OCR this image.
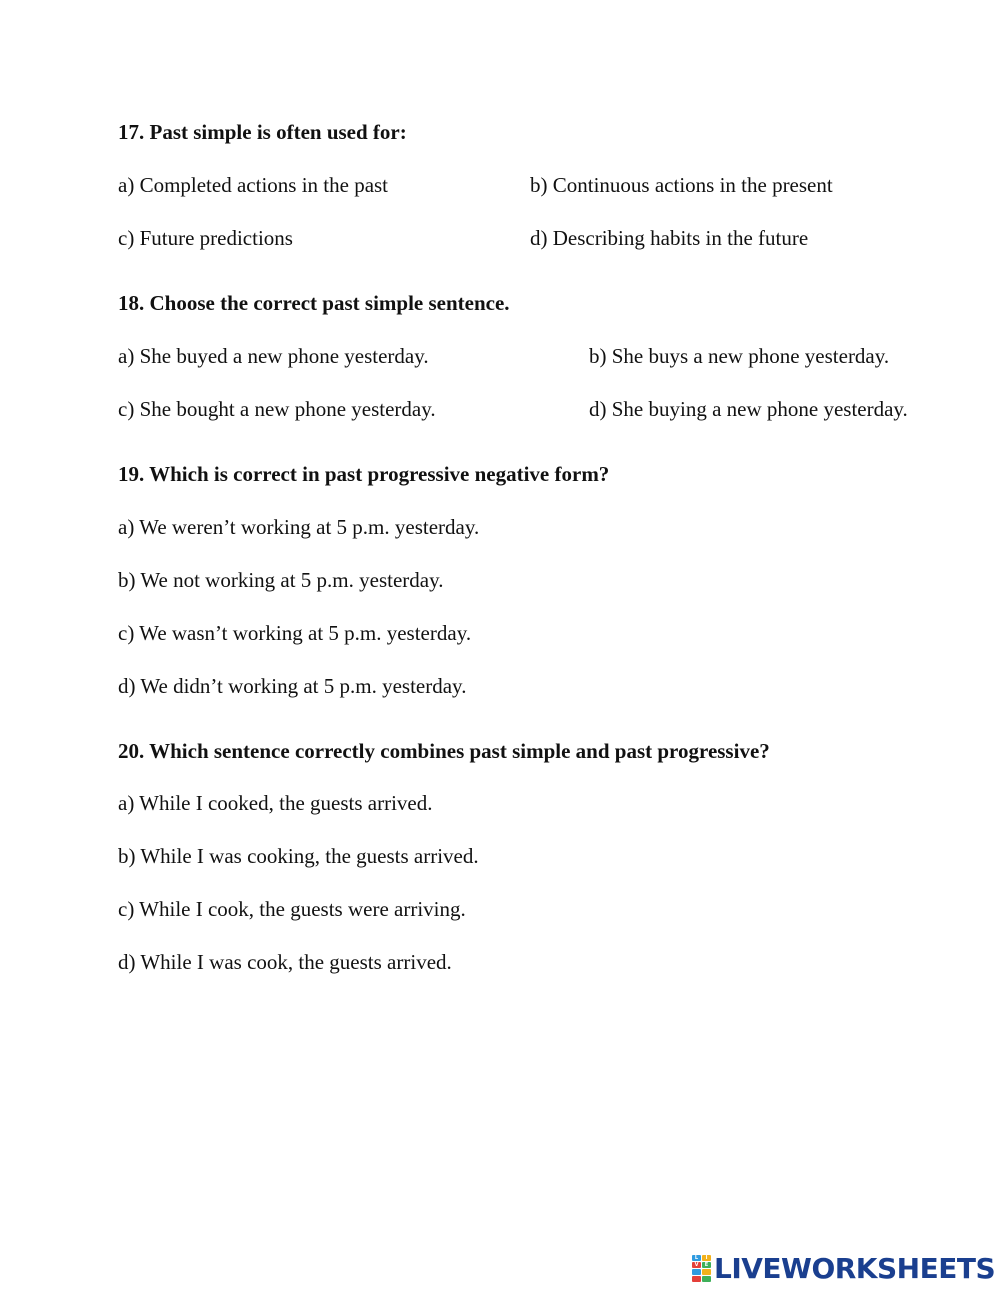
17. Past simple is often used for:
a) Completed actions in the past	b) Continuous actions in the present
c) Future predictions	d) Describing habits in the future
18. Choose the correct past simple sentence.
a) She buyed a new phone yesterday.	b) She buys a new phone yesterday.
c) She bought a new phone yesterday.	d) She buying a new phone yesterday.
19. Which is correct in past progressive negative form?
a) We weren’t working at 5 p.m. yesterday.
b) We not working at 5 p.m. yesterday.
c) We wasn’t working at 5 p.m. yesterday.
d) We didn’t working at 5 p.m. yesterday.
20. Which sentence correctly combines past simple and past progressive?
a) While I cooked, the guests arrived.
b) While I was cooking, the guests arrived.
c) While I cook, the guests were arriving.
d) While I was cook, the guests arrived.
L	I
V	E LIVEWORKSHEETS
